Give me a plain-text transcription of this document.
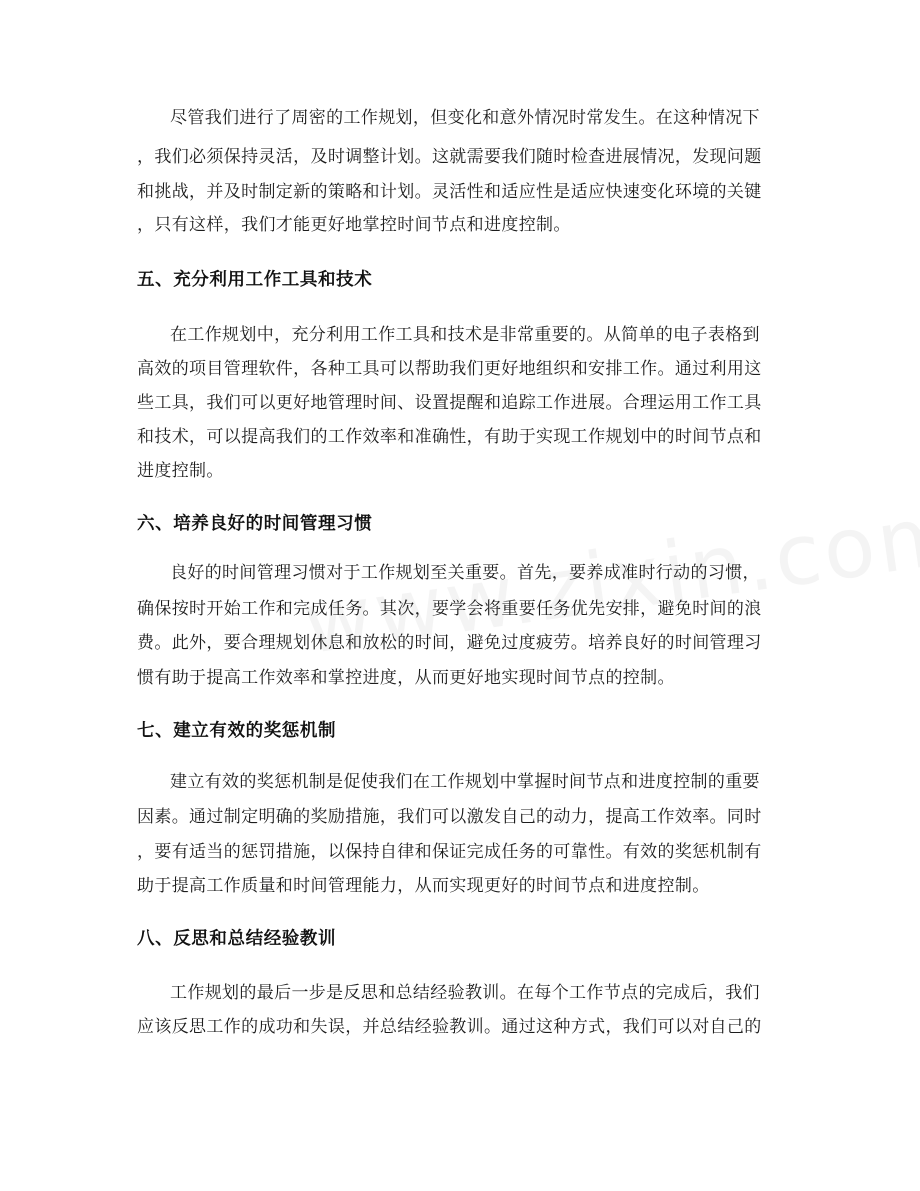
尽管我们进行了周密的工作规划，但变化和意外情况时常发生。在这种情况下
，我们必须保持灵活，及时调整计划。这就需要我们随时检查进展情况，发现问题
和挑战，并及时制定新的策略和计划。灵活性和适应性是适应快速变化环境的关键
，只有这样，我们才能更好地掌控时间节点和进度控制。
五、充分利用工作工具和技术
在工作规划中，充分利用工作工具和技术是非常重要的。从简单的电子表格到
高效的项目管理软件，各种工具可以帮助我们更好地组织和安排工作。通过利用这
些工具，我们可以更好地管理时间、设置提醒和追踪工作进展。合理运用工作工具
和技术，可以提高我们的工作效率和准确性，有助于实现工作规划中的时间节点和
进度控制。
六、培养良好的时间管理习惯
良好的时间管理习惯对于工作规划至关重要。首先，要养成准时行动的习惯，
确保按时开始工作和完成任务。其次，要学会将重要任务优先安排，避免时间的浪
费。此外，要合理规划休息和放松的时间，避免过度疲劳。培养良好的时间管理习
惯有助于提高工作效率和掌控进度，从而更好地实现时间节点的控制。
七、建立有效的奖惩机制
建立有效的奖惩机制是促使我们在工作规划中掌握时间节点和进度控制的重要
因素。通过制定明确的奖励措施，我们可以激发自己的动力，提高工作效率。同时
，要有适当的惩罚措施，以保持自律和保证完成任务的可靠性。有效的奖惩机制有
助于提高工作质量和时间管理能力，从而实现更好的时间节点和进度控制。
八、反思和总结经验教训
工作规划的最后一步是反思和总结经验教训。在每个工作节点的完成后，我们
应该反思工作的成功和失误，并总结经验教训。通过这种方式，我们可以对自己的
